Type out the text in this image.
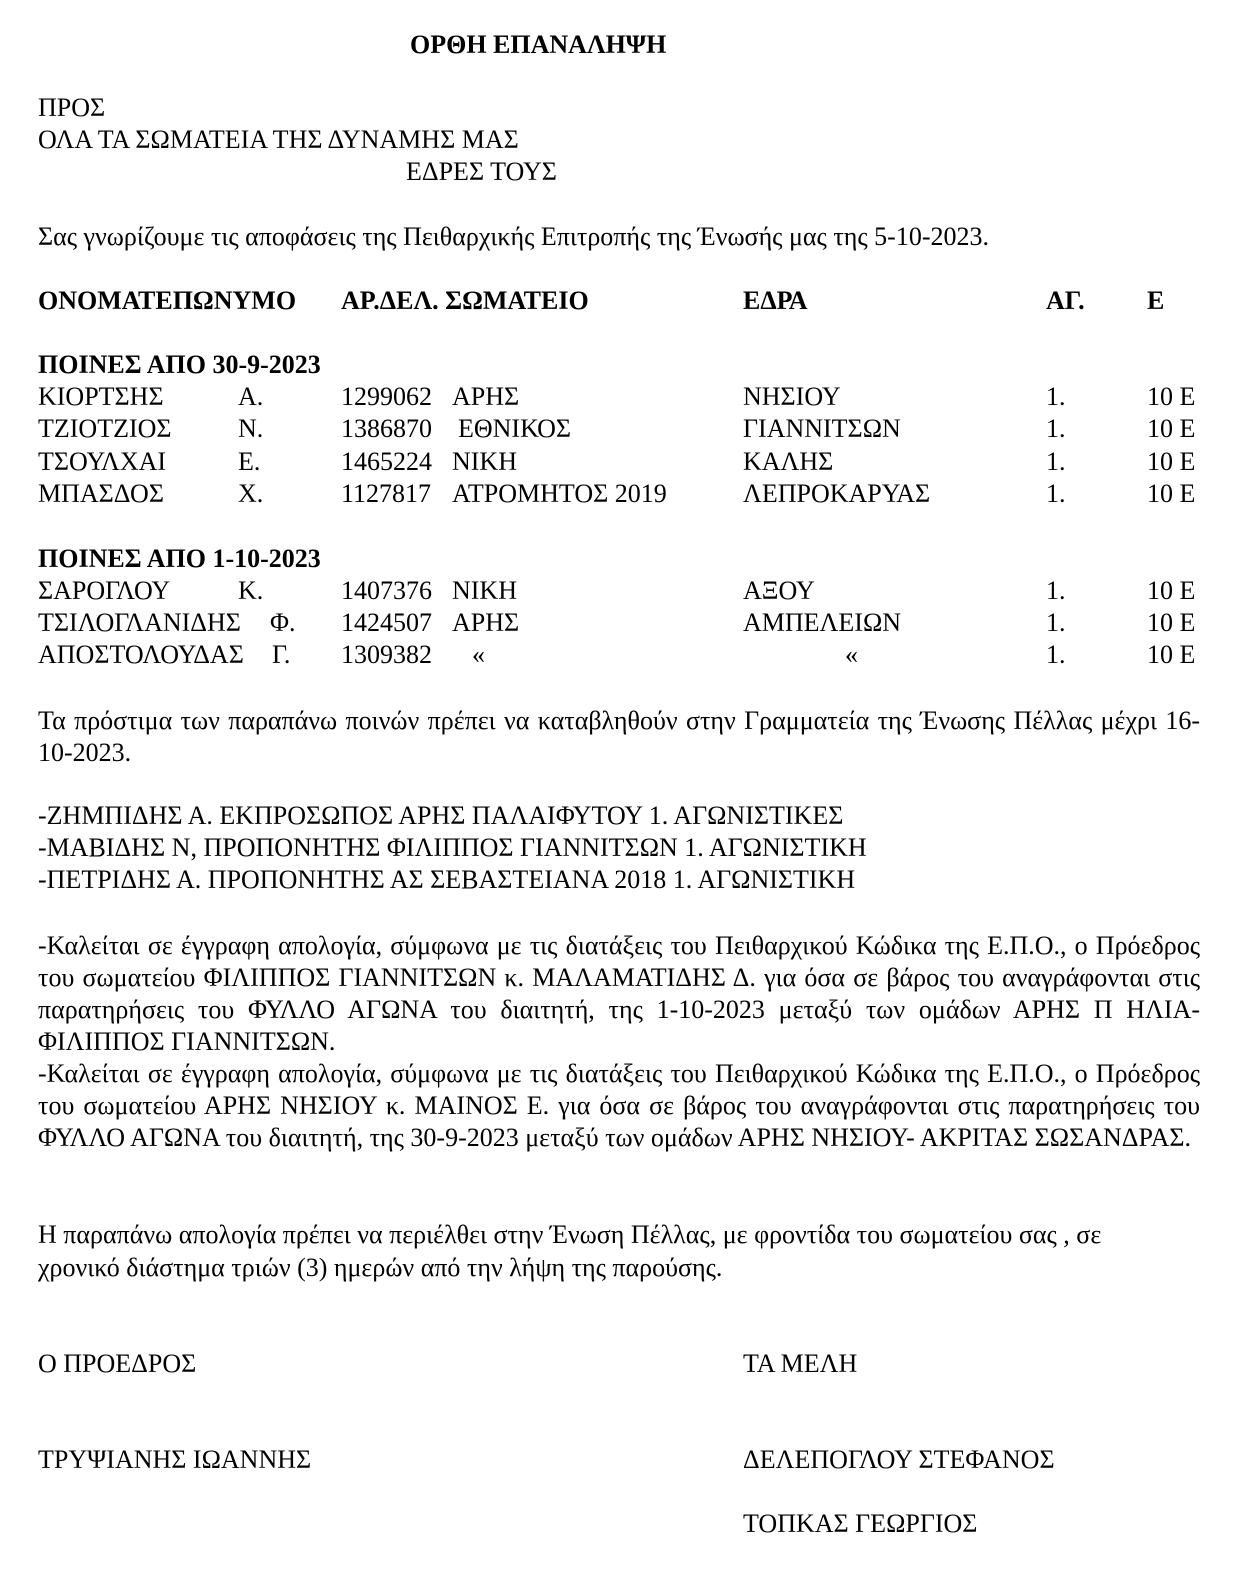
ΟΡΘΗ ΕΠΑΝΑΛΗΨΗ
ΠΡΟΣ
ΟΛΑ ΤΑ ΣΩΜΑΤΕΙΑ ΤΗΣ ΔΥΝΑΜΗΣ ΜΑΣ
ΕΔΡΕΣ ΤΟΥΣ
Σας γνωρίζουμε τις αποφάσεις της Πειθαρχικής Επιτροπής της Ένωσής μας της 5-10-2023.
ΟΝΟΜΑΤΕΠΩΝΥΜΟ ΑΡ.ΔΕΛ. ΣΩΜΑΤΕΙΟ	ΕΔΡΑ	ΑΓ. Ε
ΠΟΙΝΕΣ ΑΠΟ 30-9-2023
ΚΙΟΡΤΣΗΣ	Α.	1299062 ΑΡΗΣ	ΝΗΣΙΟΥ	1.	10 Ε
ΤΖΙΟΤΖΙΟΣ	Ν.	1386870 ΕΘΝΙΚΟΣ	ΓΙΑΝΝΙΤΣΩΝ	1.	10 Ε
ΤΣΟΥΛΧΑΙ	Ε.	1465224 ΝΙΚΗ	ΚΑΛΗΣ	1.	10 Ε
ΜΠΑΣΔΟΣ	Χ.	1127817 ΑΤΡΟΜΗΤΟΣ 2019	ΛΕΠΡΟΚΑΡΥΑΣ	1.	10 Ε
ΠΟΙΝΕΣ ΑΠΟ 1-10-2023
ΣΑΡΟΓΛΟΥ	Κ.	1407376 ΝΙΚΗ	ΑΞΟΥ	1.	10 Ε
ΤΣΙΛΟΓΛΑΝΙΔΗΣ Φ. 1424507 ΑΡΗΣ	ΑΜΠΕΛΕΙΩΝ	1.	10 Ε
ΑΠΟΣΤΟΛΟΥΔΑΣ Γ. 1309382 «	«	1.	10 Ε

Τα πρόστιμα των παραπάνω ποινών πρέπει να καταβληθούν στην Γραμματεία της Ένωσης Πέλλας μέχρι 16-10-2023.

-ΖΗΜΠΙΔΗΣ Α. ΕΚΠΡΟΣΩΠΟΣ ΑΡΗΣ ΠΑΛΑΙΦΥΤΟΥ 1. ΑΓΩΝΙΣΤΙΚΕΣ
-ΜΑΒΙΔΗΣ Ν, ΠΡΟΠΟΝΗΤΗΣ ΦΙΛΙΠΠΟΣ ΓΙΑΝΝΙΤΣΩΝ 1. ΑΓΩΝΙΣΤΙΚΗ
-ΠΕΤΡΙΔΗΣ Α. ΠΡΟΠΟΝΗΤΗΣ ΑΣ ΣΕΒΑΣΤΕΙΑΝΑ 2018 1. ΑΓΩΝΙΣΤΙΚΗ

-Καλείται σε έγγραφη απολογία, σύμφωνα με τις διατάξεις του Πειθαρχικού Κώδικα της Ε.Π.Ο., ο Πρόεδρος του σωματείου ΦΙΛΙΠΠΟΣ ΓΙΑΝΝΙΤΣΩΝ κ. ΜΑΛΑΜΑΤΙΔΗΣ Δ. για όσα σε βάρος του αναγράφονται στις παρατηρήσεις του ΦΥΛΛΟ ΑΓΩΝΑ του διαιτητή, της 1-10-2023 μεταξύ των ομάδων ΑΡΗΣ Π ΗΛΙΑ-ΦΙΛΙΠΠΟΣ ΓΙΑΝΝΙΤΣΩΝ.

-Καλείται σε έγγραφη απολογία, σύμφωνα με τις διατάξεις του Πειθαρχικού Κώδικα της Ε.Π.Ο., ο Πρόεδρος του σωματείου ΑΡΗΣ ΝΗΣΙΟΥ κ. ΜΑΙΝΟΣ Ε. για όσα σε βάρος του αναγράφονται στις παρατηρήσεις του ΦΥΛΛΟ ΑΓΩΝΑ του διαιτητή, της 30-9-2023 μεταξύ των ομάδων ΑΡΗΣ ΝΗΣΙΟΥ- ΑΚΡΙΤΑΣ ΣΩΣΑΝΔΡΑΣ.

Η παραπάνω απολογία πρέπει να περιέλθει στην Ένωση Πέλλας, με φροντίδα του σωματείου σας , σε
χρονικό διάστημα τριών (3) ημερών από την λήψη της παρούσης.
Ο ΠΡΟΕΔΡΟΣ	ΤΑ ΜΕΛΗ
ΤΡΥΨΙΑΝΗΣ ΙΩΑΝΝΗΣ	ΔΕΛΕΠΟΓΛΟΥ ΣΤΕΦΑΝΟΣ
ΤΟΠΚΑΣ ΓΕΩΡΓΙΟΣ
